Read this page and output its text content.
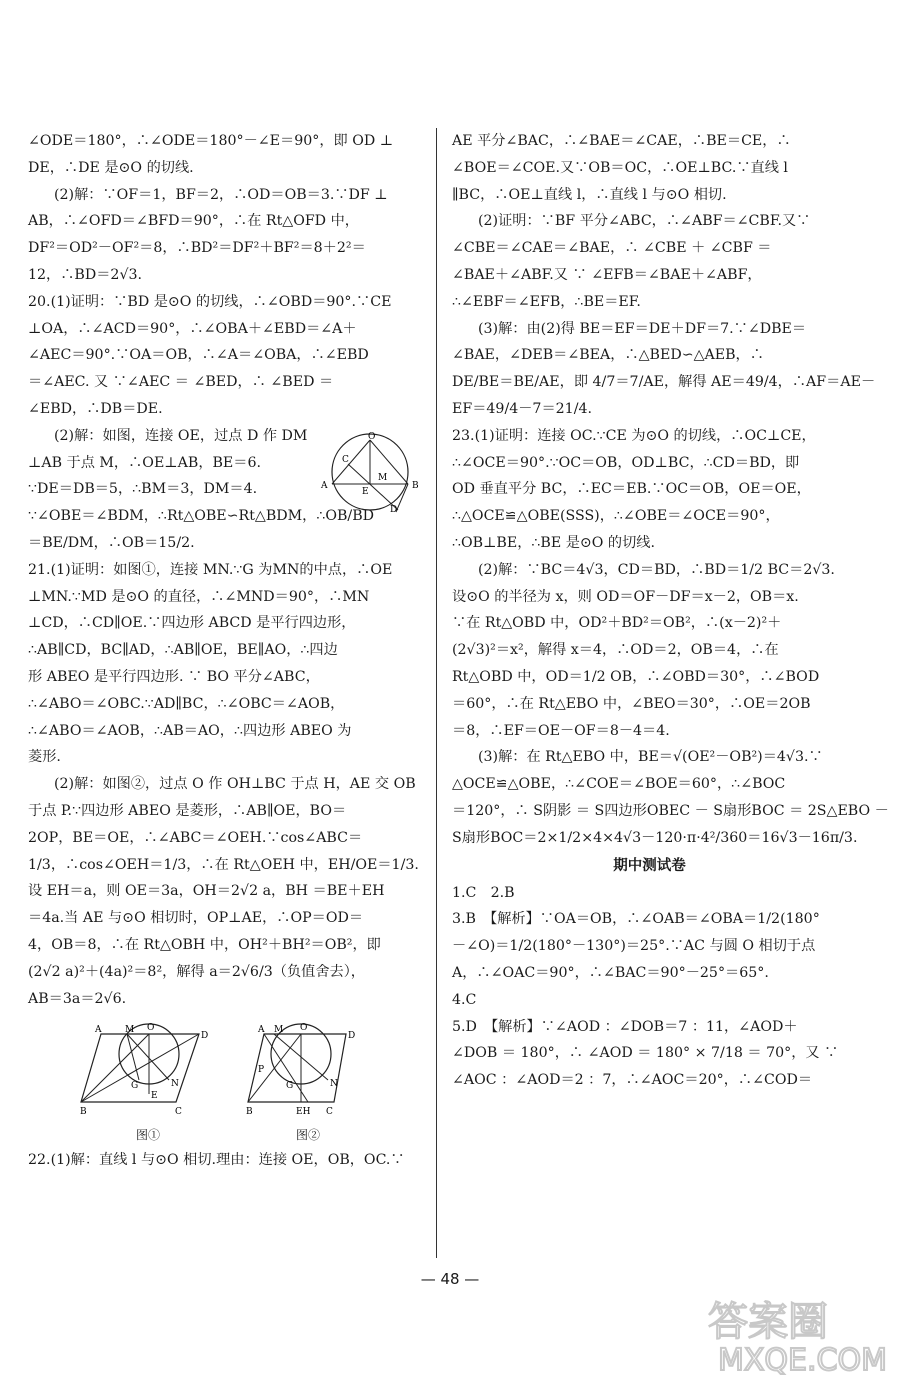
∠ODE＝180°，∴∠ODE＝180°－∠E＝90°，即 OD ⊥
DE，∴DE 是⊙O 的切线.
(2)解：∵OF＝1，BF＝2，∴OD＝OB＝3.∵DF ⊥
AB，∴∠OFD＝∠BFD＝90°，∴在 Rt△OFD 中，
DF²＝OD²－OF²＝8，∴BD²＝DF²＋BF²＝8＋2²＝
12，∴BD＝2√3.
20.(1)证明：∵BD 是⊙O 的切线，∴∠OBD＝90°.∵CE
⊥OA，∴∠ACD＝90°，∴∠OBA＋∠EBD＝∠A＋
∠AEC＝90°.∵OA＝OB，∴∠A＝∠OBA，∴∠EBD
＝∠AEC. 又 ∵∠AEC ＝ ∠BED，∴ ∠BED ＝
∠EBD，∴DB＝DE.
(2)解：如图，连接 OE，过点 D 作 DM
⊥AB 于点 M，∴OE⊥AB，BE＝6.
∵DE＝DB＝5，∴BM＝3，DM＝4.
∵∠OBE＝∠BDM，∴Rt△OBE∽Rt△BDM，∴OB/BD
＝BE/DM，∴OB＝15/2.
21.(1)证明：如图①，连接 MN.∵G 为MN的中点，∴OE
⊥MN.∵MD 是⊙O 的直径，∴∠MND＝90°，∴MN
⊥CD，∴CD∥OE.∵四边形 ABCD 是平行四边形，
∴AB∥CD，BC∥AD，∴AB∥OE，BE∥AO，∴四边
形 ABEO 是平行四边形. ∵ BO 平分∠ABC，
∴∠ABO＝∠OBC.∵AD∥BC，∴∠OBC＝∠AOB，
∴∠ABO＝∠AOB，∴AB＝AO，∴四边形 ABEO 为
菱形.
(2)解：如图②，过点 O 作 OH⊥BC 于点 H，AE 交 OB
于点 P.∵四边形 ABEO 是菱形，∴AB∥OE，BO＝
2OP，BE＝OE，∴∠ABC＝∠OEH.∵cos∠ABC＝
1/3，∴cos∠OEH＝1/3，∴在 Rt△OEH 中，EH/OE＝1/3.
设 EH＝a，则 OE＝3a，OH＝2√2 a，BH ＝BE＋EH
＝4a.当 AE 与⊙O 相切时，OP⊥AE，∴OP＝OD＝
4，OB＝8，∴在 Rt△OBH 中，OH²＋BH²＝OB²，即
(2√2 a)²＋(4a)²＝8²，解得 a＝2√6/3（负值舍去），
AB＝3a＝2√6.
A	M O
D
B	C
E
G	N
图①
A M O
D
B	EH C
P
G	N
图②
22.(1)解：直线 l 与⊙O 相切.理由：连接 OE，OB，OC.∵
O
A	B
C
M
E
D
AE 平分∠BAC，∴∠BAE＝∠CAE，∴BE＝CE，∴
∠BOE＝∠COE.又∵OB＝OC，∴OE⊥BC.∵直线 l
∥BC，∴OE⊥直线 l，∴直线 l 与⊙O 相切.
(2)证明：∵BF 平分∠ABC，∴∠ABF＝∠CBF.又∵
∠CBE＝∠CAE＝∠BAE，∴ ∠CBE ＋ ∠CBF ＝
∠BAE＋∠ABF.又 ∵ ∠EFB＝∠BAE＋∠ABF，
∴∠EBF＝∠EFB，∴BE＝EF.
(3)解：由(2)得 BE＝EF＝DE＋DF＝7.∵∠DBE＝
∠BAE，∠DEB＝∠BEA，∴△BED∽△AEB，∴
DE/BE＝BE/AE，即 4/7＝7/AE，解得 AE＝49/4，∴AF＝AE－
EF＝49/4－7＝21/4.
23.(1)证明：连接 OC.∵CE 为⊙O 的切线，∴OC⊥CE，
∴∠OCE＝90°.∵OC＝OB，OD⊥BC，∴CD＝BD，即
OD 垂直平分 BC，∴EC＝EB.∵OC＝OB，OE＝OE，
∴△OCE≌△OBE(SSS)，∴∠OBE＝∠OCE＝90°，
∴OB⊥BE，∴BE 是⊙O 的切线.
(2)解：∵BC＝4√3，CD＝BD，∴BD＝1/2 BC＝2√3.
设⊙O 的半径为 x，则 OD＝OF－DF＝x－2，OB＝x.
∵在 Rt△OBD 中，OD²＋BD²＝OB²，∴(x－2)²＋
(2√3)²＝x²，解得 x＝4，∴OD＝2，OB＝4，∴在
Rt△OBD 中，OD＝1/2 OB，∴∠OBD＝30°，∴∠BOD
＝60°，∴在 Rt△EBO 中，∠BEO＝30°，∴OE＝2OB
＝8，∴EF＝OE－OF＝8－4＝4.
(3)解：在 Rt△EBO 中，BE＝√(OE²－OB²)＝4√3.∵
△OCE≌△OBE，∴∠COE＝∠BOE＝60°，∴∠BOC
＝120°，∴ S阴影 ＝ S四边形OBEC － S扇形BOC ＝ 2S△EBO －
S扇形BOC＝2×1/2×4×4√3－120·π·4²/360＝16√3－16π/3.
期中测试卷
1.C　2.B
3.B　【解析】∵OA＝OB，∴∠OAB＝∠OBA＝1/2(180°
－∠O)＝1/2(180°－130°)＝25°.∵AC 与圆 O 相切于点
A，∴∠OAC＝90°，∴∠BAC＝90°－25°＝65°.
4.C
5.D　【解析】∵∠AOD ：∠DOB＝7 ：11，∠AOD＋
∠DOB ＝ 180°，∴ ∠AOD ＝ 180° × 7/18 ＝ 70°，又 ∵
∠AOC ：∠AOD＝2 ：7，∴∠AOC＝20°，∴∠COD＝
— 48 —
答案圈
MXQE.COM
